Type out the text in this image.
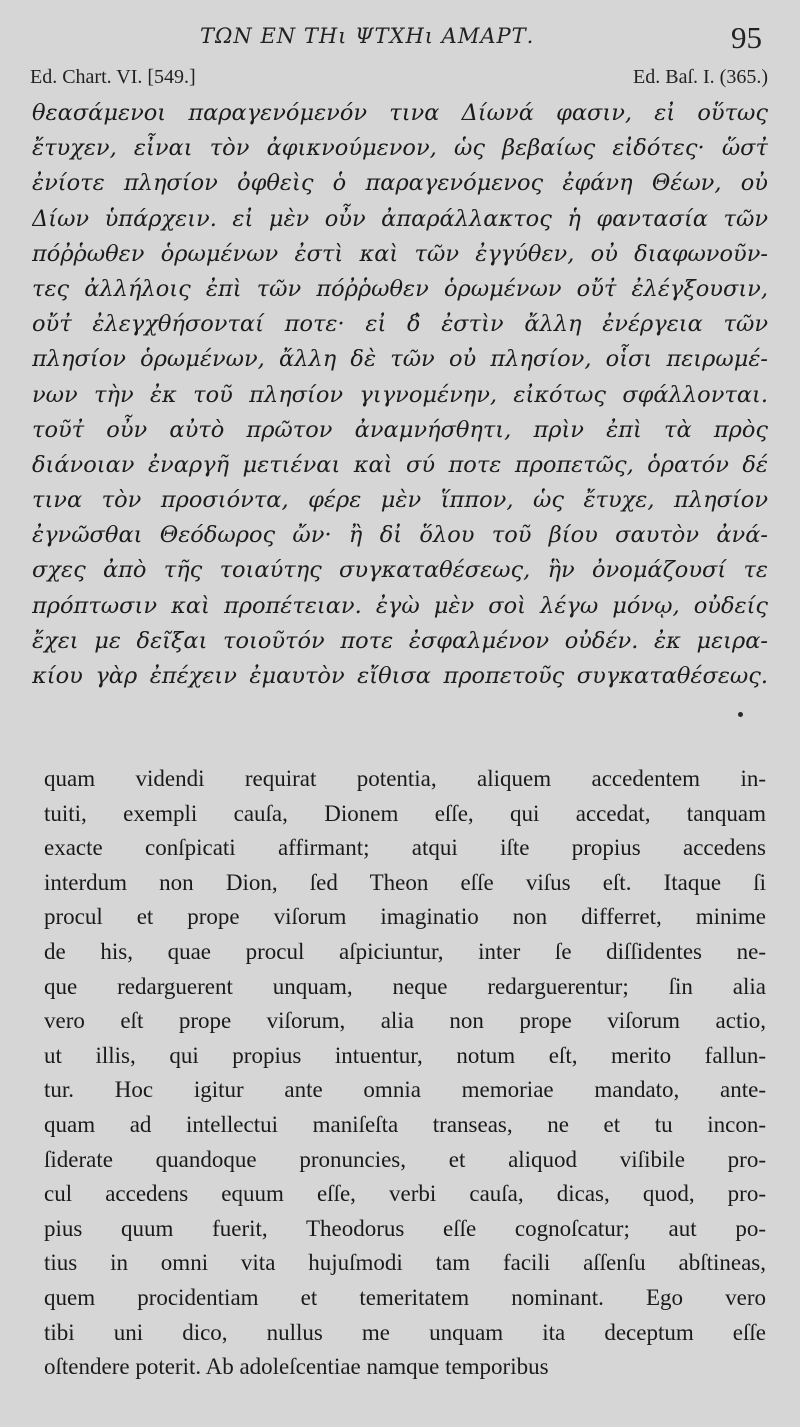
ΤΩΝ ΕΝ ΤΗι ΨΤΧΗι ΑΜΑΡΤ.	95
Ed. Chart. VI. [549.]	Ed. Baſ. I. (365.)
θεασάμενοι παραγενόμενόν τινα Δίωνά φασιν, εἰ οὕτως
ἔτυχεν, εἶναι τὸν ἀφικνούμενον, ὡς βεβαίως εἰδότες· ὥστ̓
ἐνίοτε πλησίον ὀφθεὶς ὁ παραγενόμενος ἐφάνη Θέων, οὐ
Δίων ὑπάρχειν. εἰ μὲν οὖν ἀπαράλλακτος ἡ φαντασία τῶν
πόῤῥωθεν ὁρωμένων ἐστὶ καὶ τῶν ἐγγύθεν, οὐ διαφωνοῦν-
τες ἀλλήλοις ἐπὶ τῶν πόῤῥωθεν ὁρωμένων οὔτ̓ ἐλέγξουσιν,
οὔτ̓ ἐλεγχθήσονταί ποτε· εἰ δ̓ ἐστὶν ἄλλη ἐνέργεια τῶν
πλησίον ὁρωμένων, ἄλλη δὲ τῶν οὐ πλησίον, οἷσι πειρωμέ-
νων τὴν ἐκ τοῦ πλησίον γιγνομένην, εἰκότως σφάλλονται.
τοῦτ̓ οὖν αὐτὸ πρῶτον ἀναμνήσθητι, πρὶν ἐπὶ τὰ πρὸς
διάνοιαν ἐναργῆ μετιέναι καὶ σύ ποτε προπετῶς, ὁρατόν δέ
τινα τὸν προσιόντα, φέρε μὲν ἵππον, ὡς ἔτυχε, πλησίον
ἐγνῶσθαι Θεόδωρος ὤν· ἢ δἰ ὅλου τοῦ βίου σαυτὸν ἀνά-
σχες ἀπὸ τῆς τοιαύτης συγκαταθέσεως, ἣν ὀνομάζουσί τε
πρόπτωσιν καὶ προπέτειαν. ἐγὼ μὲν σοὶ λέγω μόνῳ, οὐδείς
ἔχει με δεῖξαι τοιοῦτόν ποτε ἐσφαλμένον οὐδέν. ἐκ μειρα-
κίου γὰρ ἐπέχειν ἐμαυτὸν εἴθισα προπετοῦς συγκαταθέσεως.
quam videndi requirat potentia, aliquem accedentem in-
tuiti, exempli cauſa, Dionem eſſe, qui accedat, tanquam
exacte conſpicati affirmant; atqui iſte propius accedens
interdum non Dion, ſed Theon eſſe viſus eſt. Itaque ſi
procul et prope viſorum imaginatio non differret, minime
de his, quae procul aſpiciuntur, inter ſe diſſidentes ne-
que redarguerent unquam, neque redarguerentur; ſin alia
vero eſt prope viſorum, alia non prope viſorum actio,
ut illis, qui propius intuentur, notum eſt, merito fallun-
tur. Hoc igitur ante omnia memoriae mandato, ante-
quam ad intellectui maniſeſta transeas, ne et tu incon-
ſiderate quandoque pronuncies, et aliquod viſibile pro-
cul accedens equum eſſe, verbi cauſa, dicas, quod, pro-
pius quum fuerit, Theodorus eſſe cognoſcatur; aut po-
tius in omni vita hujuſmodi tam facili aſſenſu abſtineas,
quem procidentiam et temeritatem nominant. Ego vero
tibi uni dico, nullus me unquam ita deceptum eſſe
oſtendere poterit. Ab adoleſcentiae namque temporibus
